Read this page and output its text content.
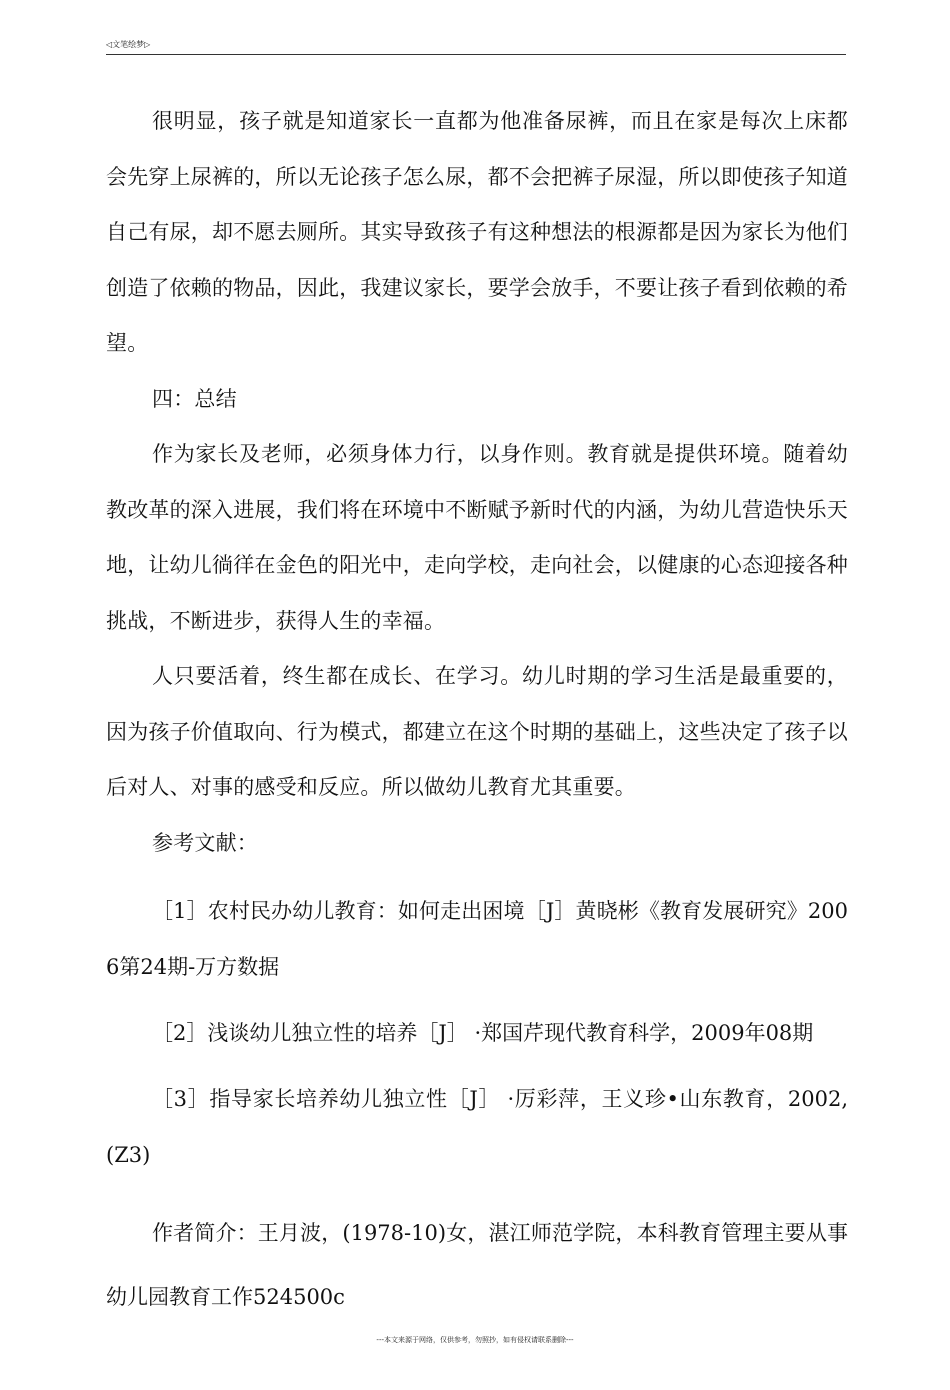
◁文笔绘梦▷

很明显，孩子就是知道家长一直都为他准备尿裤，而且在家是每次上床都会先穿上尿裤的，所以无论孩子怎么尿，都不会把裤子尿湿，所以即使孩子知道自己有尿，却不愿去厕所。其实导致孩子有这种想法的根源都是因为家长为他们创造了依赖的物品，因此，我建议家长，要学会放手，不要让孩子看到依赖的希望。

四：总结

作为家长及老师，必须身体力行，以身作则。教育就是提供环境。随着幼教改革的深入进展，我们将在环境中不断赋予新时代的内涵，为幼儿营造快乐天地，让幼儿徜徉在金色的阳光中，走向学校，走向社会，以健康的心态迎接各种挑战，不断进步，获得人生的幸福。

人只要活着，终生都在成长、在学习。幼儿时期的学习生活是最重要的，因为孩子价值取向、行为模式，都建立在这个时期的基础上，这些决定了孩子以后对人、对事的感受和反应。所以做幼儿教育尤其重要。

参考文献：

［1］农村民办幼儿教育：如何走出困境［J］黄晓彬《教育发展研究》2006第24期-万方数据

［2］浅谈幼儿独立性的培养［J］ ·郑国芹现代教育科学，2009年08期

［3］指导家长培养幼儿独立性［J］ ·厉彩萍，王义珍•山东教育，2002,(Z3)

作者简介：王月波，(1978-10)女，湛江师范学院，本科教育管理主要从事幼儿园教育工作524500c

---本文来源于网络，仅供参考，勿照抄，如有侵权请联系删除---
